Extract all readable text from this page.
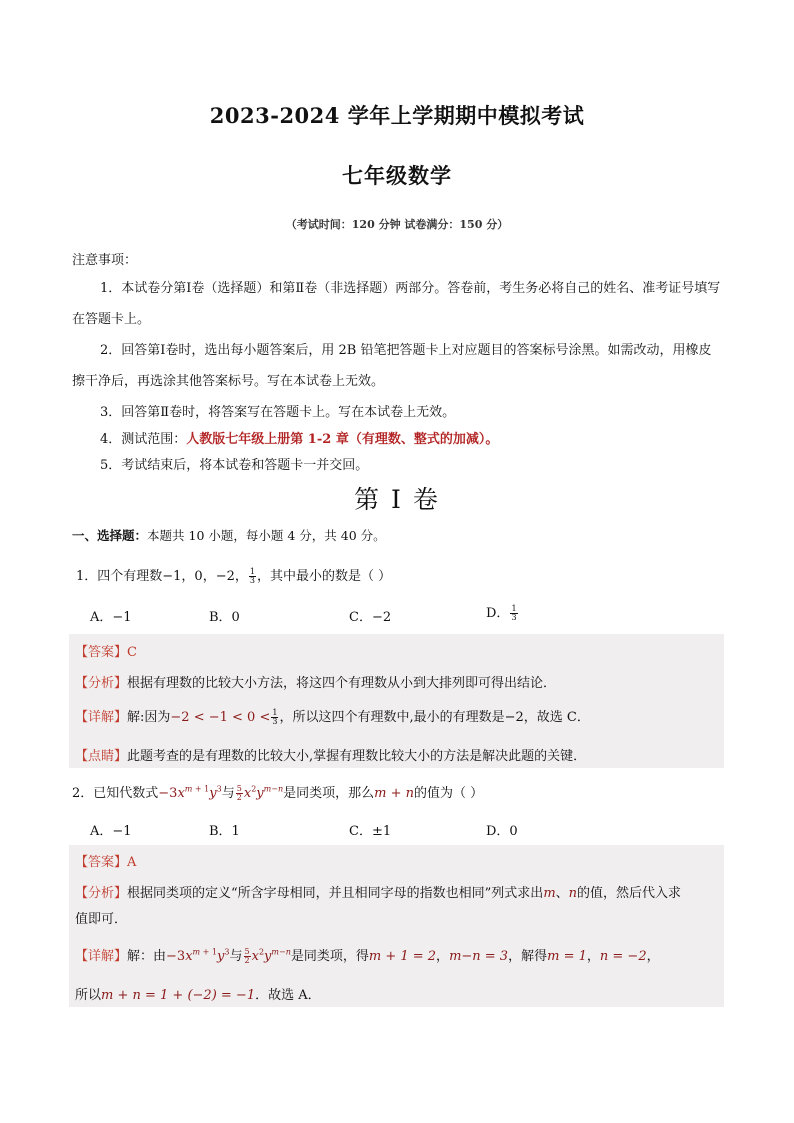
2023-2024 学年上学期期中模拟考试
七年级数学
（考试时间：120 分钟 试卷满分：150 分）
注意事项：
1．本试卷分第Ⅰ卷（选择题）和第Ⅱ卷（非选择题）两部分。答卷前，考生务必将自己的姓名、准考证号填写在答题卡上。
2．回答第Ⅰ卷时，选出每小题答案后，用 2B 铅笔把答题卡上对应题目的答案标号涂黑。如需改动，用橡皮擦干净后，再选涂其他答案标号。写在本试卷上无效。
3．回答第Ⅱ卷时，将答案写在答题卡上。写在本试卷上无效。
4．测试范围：人教版七年级上册第 1-2 章（有理数、整式的加减）。
5．考试结束后，将本试卷和答题卡一并交回。
第 I 卷
一、选择题：本题共 10 小题，每小题 4 分，共 40 分。
1．四个有理数−1，0，−2， $\frac{1}{3}$ ，其中最小的数是（ ）
A．−1	B．0	C．−2	D． $\frac{1}{3}$
【答案】C
【分析】根据有理数的比较大小方法，将这四个有理数从小到大排列即可得出结论．
【详解】解:因为$-2 < -1 < 0 < \frac{1}{3}$ ，所以这四个有理数中,最小的有理数是−2，故选 C．
【点睛】此题考查的是有理数的比较大小,掌握有理数比较大小的方法是解决此题的关键．
2．已知代数式$-3x^{m + 1}y^3$与 $\frac{5}{2} x^2y^{m-n}$是同类项，那么m + n的值为（ ）
A．−1	B．1	C．±1	D．0
【答案】A
【分析】根据同类项的定义“所含字母相同，并且相同字母的指数也相同”列式求出m、n的值，然后代入求
值即可．
【详解】解：由$-3x^{m + 1}y^3$与 $\frac{5}{2} x^2y^{m-n}$是同类项，得m + 1 = 2，m−n = 3，解得m = 1，n = −2，
所以m + n = 1 + (−2) = −1．故选 A．
